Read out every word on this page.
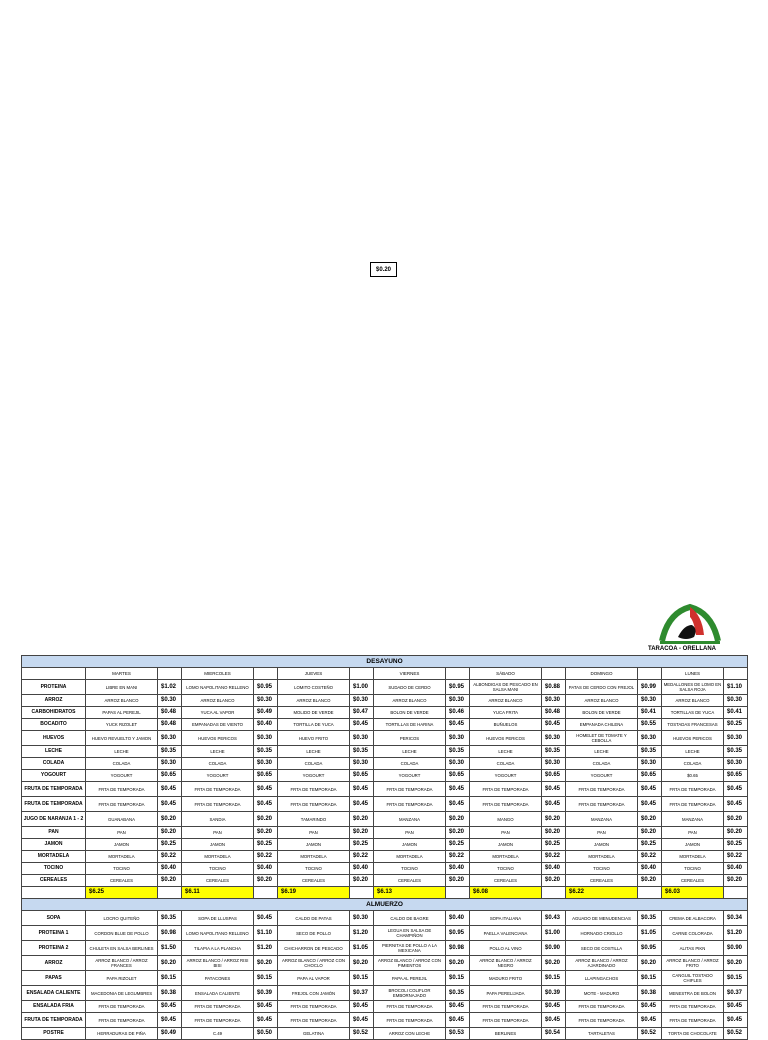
$0.20
TARACOA - ORELLANA
DESAYUNO														
	MARTES		MIERCOLES		JUEVES		VIERNES		SÁBADO		DOMINGO		LUNES	
PROTEINA	LIBRE EN MANI	$1.02	LOMO NAPOLITANO RELLENO	$0.95	LOMITO COSTEÑO	$1.00	SUDADO DE CERDO	$0.95	ALBONDIGAS DE PESCADO EN SALSA MANI	$0.88	PATAS DE CERDO CON FREJOL	$0.99	MEDALLONES DE LOMO EN SALSA ROJA	$1.10
ARROZ	ARROZ BLANCO	$0.30	ARROZ BLANCO	$0.30	ARROZ BLANCO	$0.30	ARROZ BLANCO	$0.30	ARROZ BLANCO	$0.30	ARROZ BLANCO	$0.30	ARROZ BLANCO	$0.30
CARBOHIDRATOS	PAPAS AL PEREJIL	$0.48	YUCA AL VAPOR	$0.49	MOLIDO DE VERDE	$0.47	BOLON DE VERDE	$0.46	YUCA FRITA	$0.48	BOLON DE VERDE	$0.41	TORTILLAS DE YUCA	$0.41
BOCADITO	YUCK RIZOLET	$0.48	EMPANADAS DE VIENTO	$0.40	TORTILLA DE YUCA	$0.45	TORTILLAS DE HARINA	$0.45	BUÑUELOS	$0.45	EMPANADA CHILENA	$0.55	TOSTADAS FRANCESAS	$0.25
HUEVOS	HUEVO REVUELTO Y JAMON	$0.30	HUEVOS PERICOS	$0.30	HUEVO FRITO	$0.30	PERICOS	$0.30	HUEVOS PERICOS	$0.30	HOMELET DE TOMATE Y CEBOLLA	$0.30	HUEVOS PERICOS	$0.30
LECHE	LECHE	$0.35	LECHE	$0.35	LECHE	$0.35	LECHE	$0.35	LECHE	$0.35	LECHE	$0.35	LECHE	$0.35
COLADA	COLADA	$0.30	COLADA	$0.30	COLADA	$0.30	COLADA	$0.30	COLADA	$0.30	COLADA	$0.30	COLADA	$0.30
YOGOURT	YOGOURT	$0.65	YOGOURT	$0.65	YOGOURT	$0.65	YOGOURT	$0.65	YOGOURT	$0.65	YOGOURT	$0.65	$0.65	$0.65
FRUTA DE TEMPORADA	FRTA DE TEMPORADA	$0.45	FRTA DE TEMPORADA	$0.45	FRTA DE TEMPORADA	$0.45	FRTA DE TEMPORADA	$0.45	FRTA DE TEMPORADA	$0.45	FRTA DE TEMPORADA	$0.45	FRTA DE TEMPORADA	$0.45
FRUTA DE TEMPORADA	FRTA DE TEMPORADA	$0.45	FRTA DE TEMPORADA	$0.45	FRTA DE TEMPORADA	$0.45	FRTA DE TEMPORADA	$0.45	FRTA DE TEMPORADA	$0.45	FRTA DE TEMPORADA	$0.45	FRTA DE TEMPORADA	$0.45
JUGO DE NARANJA 1 - 2	GUANABANA	$0.20	SANDIA	$0.20	TAMARINDO	$0.20	MANZANA	$0.20	MANGO	$0.20	MANZANA	$0.20	MANZANA	$0.20
PAN	PAN	$0.20	PAN	$0.20	PAN	$0.20	PAN	$0.20	PAN	$0.20	PAN	$0.20	PAN	$0.20
JAMON	JAMON	$0.25	JAMON	$0.25	JAMON	$0.25	JAMON	$0.25	JAMON	$0.25	JAMON	$0.25	JAMON	$0.25
MORTADELA	MORTADELA	$0.22	MORTADELA	$0.22	MORTADELA	$0.22	MORTADELA	$0.22	MORTADELA	$0.22	MORTADELA	$0.22	MORTADELA	$0.22
TOCINO	TOCINO	$0.40	TOCINO	$0.40	TOCINO	$0.40	TOCINO	$0.40	TOCINO	$0.40	TOCINO	$0.40	TOCINO	$0.40
CEREALES	CEREALES	$0.20	CEREALES	$0.20	CEREALES	$0.20	CEREALES	$0.20	CEREALES	$0.20	CEREALES	$0.20	CEREALES	$0.20
	$6.25		$6.11		$6.19		$6.13		$6.08		$6.22		$6.03	
ALMUERZO														
SOPA	LOCRO QUITEÑO	$0.35	SOPA DE LLUSPAS	$0.45	CALDO DE PATAS	$0.30	CALDO DE BAGRE	$0.40	SOPA ITALIANA	$0.43	AGUADO DE MENUDENCIAS	$0.35	CREMA DE ALBACORA	$0.34
PROTEINA 1	CORDON BLUE DE POLLO	$0.98	LOMO NAPOLITANO RELLENO	$1.10	SECO DE POLLO	$1.20	LEGUA EN SALSA DE CHAMPIÑON	$0.95	PAELLA VALENCIANA	$1.00	HORNADO CRIOLLO	$1.05	CARNE COLORADA	$1.20
PROTEINA 2	CHULETA EN SALSA BERLINES	$1.50	TILAPIA A LA PLANCHA	$1.20	CHICHARRON DE PESCADO	$1.05	PIERNITAS DE POLLO A LA MEXICANA	$0.98	POLLO AL VINO	$0.90	SECO DE COSTILLA	$0.95	ALITAS PIKN	$0.90
ARROZ	ARROZ BLANCO / ARROZ FRANCES	$0.20	ARROZ BLANCO / ARROZ RISI BISI	$0.20	ARROZ BLANCO / ARROZ CON CHOCLO	$0.20	ARROZ BLANCO / ARROZ CON PIMIENTOS	$0.20	ARROZ BLANCO / ARROZ NEGRO	$0.20	ARROZ BLANCO / ARROZ AJARDINADO	$0.20	ARROZ BLANCO / ARROZ FRITO	$0.20
PAPAS	PAPA RIZOLET	$0.15	PATACONES	$0.15	PAPA AL VAPOR	$0.15	PAPA AL PEREJIL	$0.15	MADURO FRITO	$0.15	LLAPINGACHOS	$0.15	CANGUIL TOSTADO CHIFLES	$0.15
ENSALADA CALIENTE	MACEDONIA DE LEGUMBRES	$0.38	ENSALADA CALIENTE	$0.39	FREJOL CON JAMÓN	$0.37	BROCOLI COLIFLOR EMBORNAJADO	$0.35	PAPA PERELIJADA	$0.39	MOTE - MADURO	$0.38	MENESTRA DE BOLON	$0.37
ENSALADA FRIA	FRTA DE TEMPORADA	$0.45	FRTA DE TEMPORADA	$0.45	FRTA DE TEMPORADA	$0.45	FRTA DE TEMPORADA	$0.45	FRTA DE TEMPORADA	$0.45	FRTA DE TEMPORADA	$0.45	FRTA DE TEMPORADA	$0.45
FRUTA DE TEMPORADA	FRTA DE TEMPORADA	$0.45	FRTA DE TEMPORADA	$0.45	FRTA DE TEMPORADA	$0.45	FRTA DE TEMPORADA	$0.45	FRTA DE TEMPORADA	$0.45	FRTA DE TEMPORADA	$0.45	FRTA DE TEMPORADA	$0.45
POSTRE	HERRADURAS DE PIÑA	$0.49	C.49	$0.50	GELATINA	$0.52	ARROZ CON LECHE	$0.53	BERLINES	$0.54	TARTALETAS	$0.52	TORTA DE CHOCOLATE	$0.52
